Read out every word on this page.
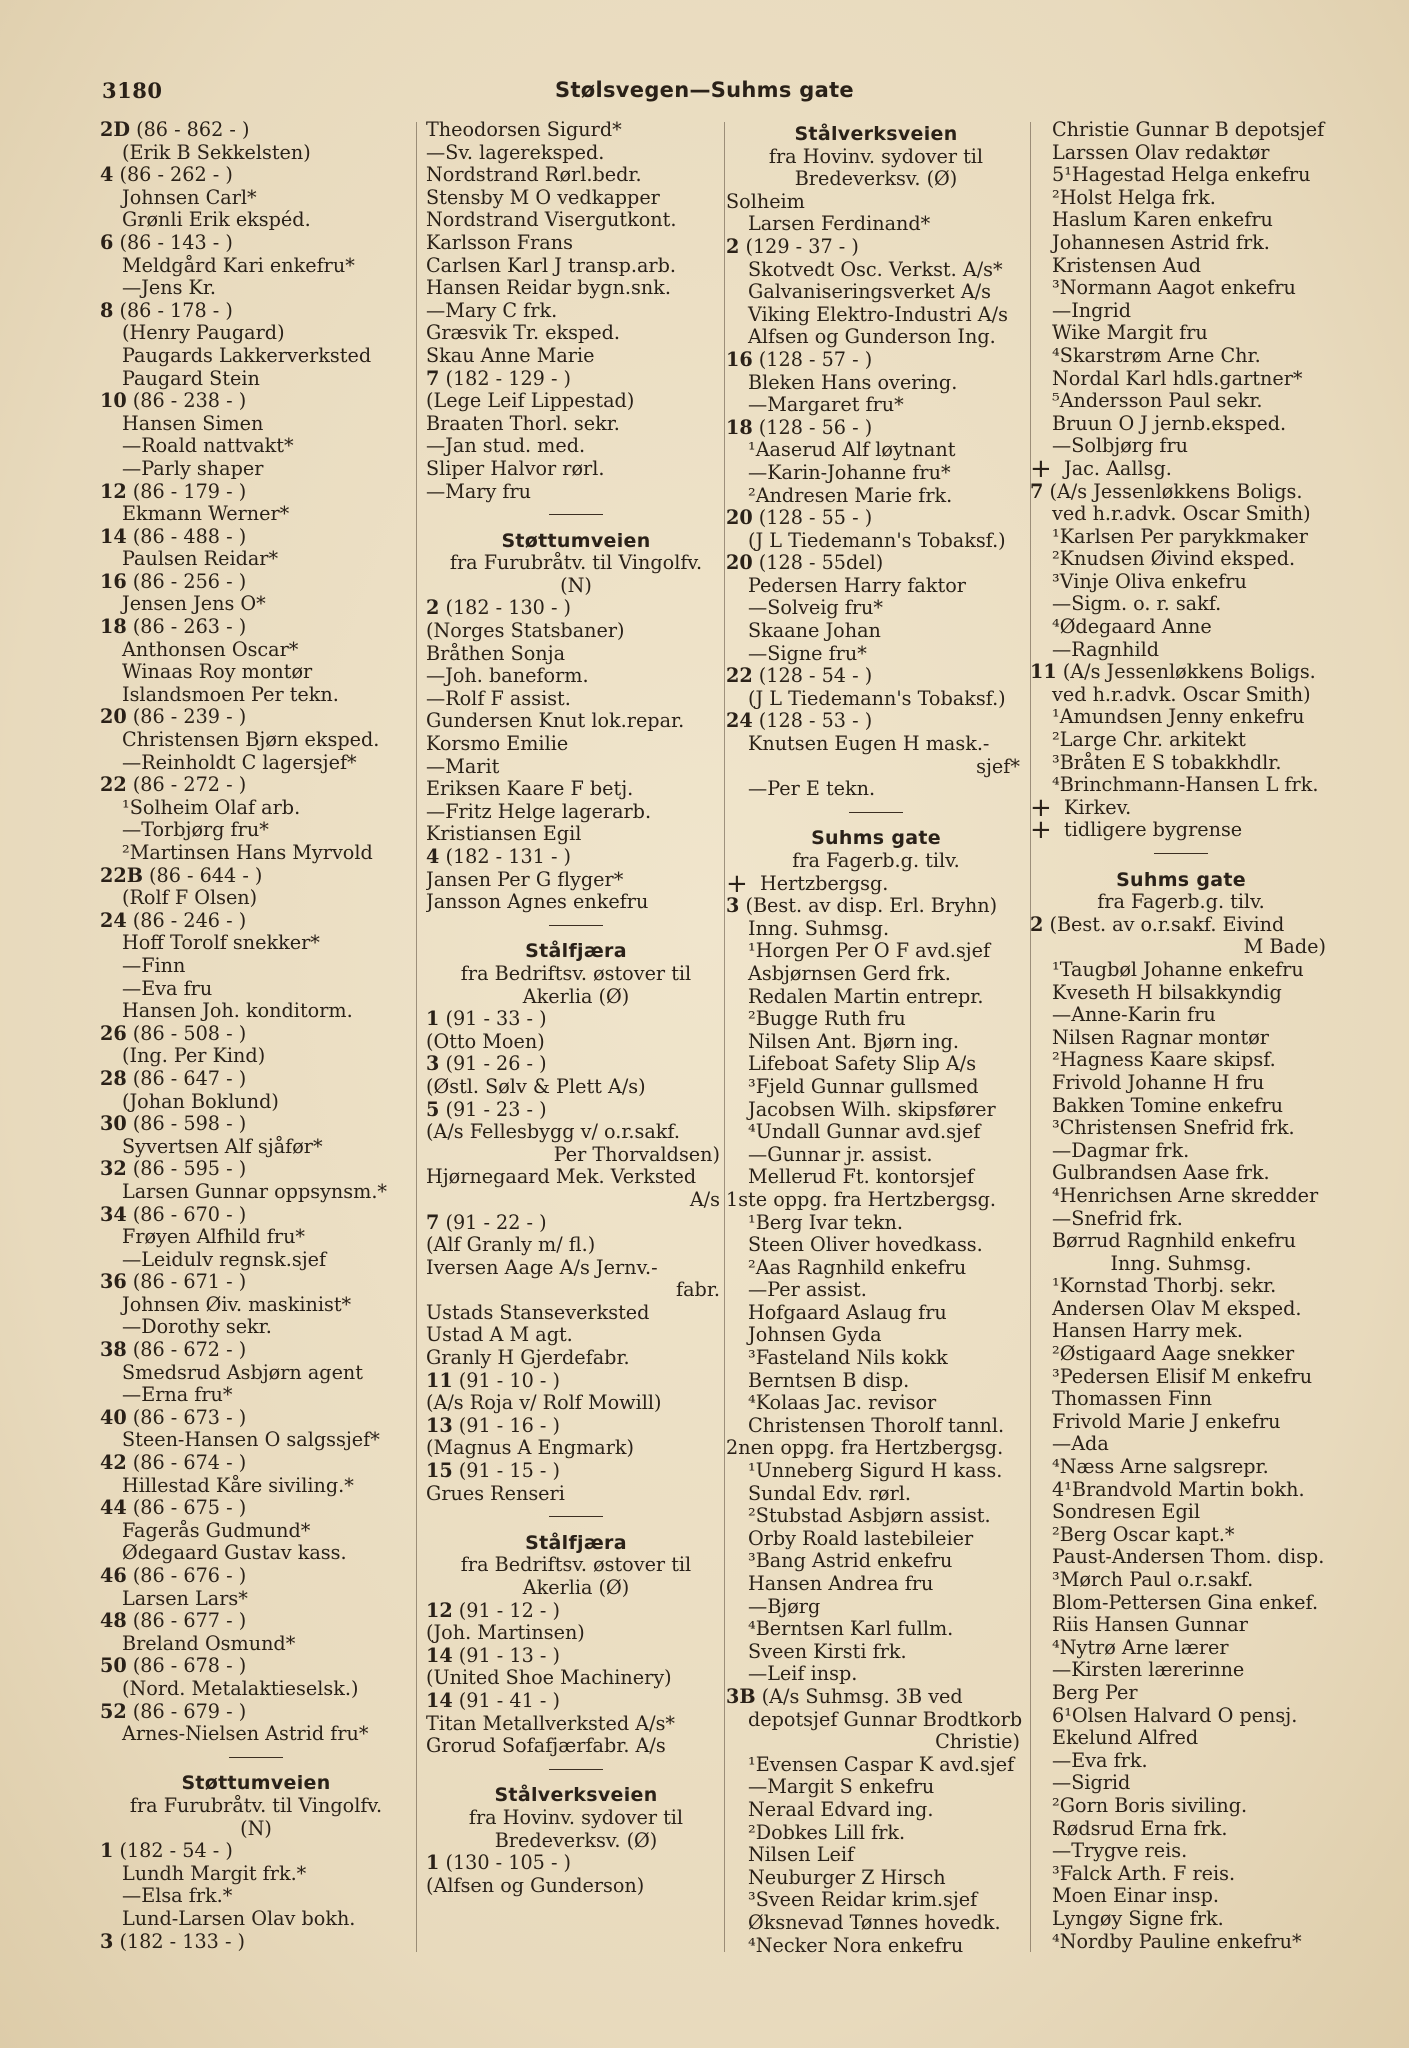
3180	Stølsvegen—Suhms gate
2D (86 - 862 - )
(Erik B Sekkelsten)
4 (86 - 262 - )
Johnsen Carl*
Grønli Erik ekspéd.
6 (86 - 143 - )
Meldgård Kari enkefru*
—Jens Kr.
8 (86 - 178 - )
(Henry Paugard)
Paugards Lakkerverksted
Paugard Stein
10 (86 - 238 - )
Hansen Simen
—Roald nattvakt*
—Parly shaper
12 (86 - 179 - )
Ekmann Werner*
14 (86 - 488 - )
Paulsen Reidar*
16 (86 - 256 - )
Jensen Jens O*
18 (86 - 263 - )
Anthonsen Oscar*
Winaas Roy montør
Islandsmoen Per tekn.
20 (86 - 239 - )
Christensen Bjørn eksped.
—Reinholdt C lagersjef*
22 (86 - 272 - )
¹Solheim Olaf arb.
—Torbjørg fru*
²Martinsen Hans Myrvold
22B (86 - 644 - )
(Rolf F Olsen)
24 (86 - 246 - )
Hoff Torolf snekker*
—Finn
—Eva fru
Hansen Joh. konditorm.
26 (86 - 508 - )
(Ing. Per Kind)
28 (86 - 647 - )
(Johan Boklund)
30 (86 - 598 - )
Syvertsen Alf sjåfør*
32 (86 - 595 - )
Larsen Gunnar oppsynsm.*
34 (86 - 670 - )
Frøyen Alfhild fru*
—Leidulv regnsk.sjef
36 (86 - 671 - )
Johnsen Øiv. maskinist*
—Dorothy sekr.
38 (86 - 672 - )
Smedsrud Asbjørn agent
—Erna fru*
40 (86 - 673 - )
Steen-Hansen O salgssjef*
42 (86 - 674 - )
Hillestad Kåre siviling.*
44 (86 - 675 - )
Fagerås Gudmund*
Ødegaard Gustav kass.
46 (86 - 676 - )
Larsen Lars*
48 (86 - 677 - )
Breland Osmund*
50 (86 - 678 - )
(Nord. Metalaktieselsk.)
52 (86 - 679 - )
Arnes-Nielsen Astrid fru*
Støttumveien
fra Furubråtv. til Vingolfv.
(N)
1 (182 - 54 - )
Lundh Margit frk.*
—Elsa frk.*
Lund-Larsen Olav bokh.
3 (182 - 133 - )
Theodorsen Sigurd*
—Sv. lagereksped.
Nordstrand Rørl.bedr.
Stensby M O vedkapper
Nordstrand Visergutkont.
Karlsson Frans
Carlsen Karl J transp.arb.
Hansen Reidar bygn.snk.
—Mary C frk.
Græsvik Tr. eksped.
Skau Anne Marie
7 (182 - 129 - )
(Lege Leif Lippestad)
Braaten Thorl. sekr.
—Jan stud. med.
Sliper Halvor rørl.
—Mary fru
Støttumveien
fra Furubråtv. til Vingolfv.
(N)
2 (182 - 130 - )
(Norges Statsbaner)
Bråthen Sonja
—Joh. baneform.
—Rolf F assist.
Gundersen Knut lok.repar.
Korsmo Emilie
—Marit
Eriksen Kaare F betj.
—Fritz Helge lagerarb.
Kristiansen Egil
4 (182 - 131 - )
Jansen Per G flyger*
Jansson Agnes enkefru
Stålfjæra
fra Bedriftsv. østover til
Akerlia (Ø)
1 (91 - 33 - )
(Otto Moen)
3 (91 - 26 - )
(Østl. Sølv & Plett A/s)
5 (91 - 23 - )
(A/s Fellesbygg v/ o.r.sakf.
Per Thorvaldsen)
Hjørnegaard Mek. Verksted
A/s
7 (91 - 22 - )
(Alf Granly m/ fl.)
Iversen Aage A/s Jernv.-
fabr.
Ustads Stanseverksted
Ustad A M agt.
Granly H Gjerdefabr.
11 (91 - 10 - )
(A/s Roja v/ Rolf Mowill)
13 (91 - 16 - )
(Magnus A Engmark)
15 (91 - 15 - )
Grues Renseri
Stålfjæra
fra Bedriftsv. østover til
Akerlia (Ø)
12 (91 - 12 - )
(Joh. Martinsen)
14 (91 - 13 - )
(United Shoe Machinery)
14 (91 - 41 - )
Titan Metallverksted A/s*
Grorud Sofafjærfabr. A/s
Stålverksveien
fra Hovinv. sydover til
Bredeverksv. (Ø)
1 (130 - 105 - )
(Alfsen og Gunderson)
Stålverksveien
fra Hovinv. sydover til
Bredeverksv. (Ø)
Solheim
Larsen Ferdinand*
2 (129 - 37 - )
Skotvedt Osc. Verkst. A/s*
Galvaniseringsverket A/s
Viking Elektro-Industri A/s
Alfsen og Gunderson Ing.
16 (128 - 57 - )
Bleken Hans overing.
—Margaret fru*
18 (128 - 56 - )
¹Aaserud Alf løytnant
—Karin-Johanne fru*
²Andresen Marie frk.
20 (128 - 55 - )
(J L Tiedemann's Tobaksf.)
20 (128 - 55del)
Pedersen Harry faktor
—Solveig fru*
Skaane Johan
—Signe fru*
22 (128 - 54 - )
(J L Tiedemann's Tobaksf.)
24 (128 - 53 - )
Knutsen Eugen H mask.-
sjef*
—Per E tekn.
Suhms gate
fra Fagerb.g. tilv.
+ Hertzbergsg.
3 (Best. av disp. Erl. Bryhn)
Inng. Suhmsg.
¹Horgen Per O F avd.sjef
Asbjørnsen Gerd frk.
Redalen Martin entrepr.
²Bugge Ruth fru
Nilsen Ant. Bjørn ing.
Lifeboat Safety Slip A/s
³Fjeld Gunnar gullsmed
Jacobsen Wilh. skipsfører
⁴Undall Gunnar avd.sjef
—Gunnar jr. assist.
Mellerud Ft. kontorsjef
1ste oppg. fra Hertzbergsg.
¹Berg Ivar tekn.
Steen Oliver hovedkass.
²Aas Ragnhild enkefru
—Per assist.
Hofgaard Aslaug fru
Johnsen Gyda
³Fasteland Nils kokk
Berntsen B disp.
⁴Kolaas Jac. revisor
Christensen Thorolf tannl.
2nen oppg. fra Hertzbergsg.
¹Unneberg Sigurd H kass.
Sundal Edv. rørl.
²Stubstad Asbjørn assist.
Orby Roald lastebileier
³Bang Astrid enkefru
Hansen Andrea fru
—Bjørg
⁴Berntsen Karl fullm.
Sveen Kirsti frk.
—Leif insp.
3B (A/s Suhmsg. 3B ved
depotsjef Gunnar Brodtkorb
Christie)
¹Evensen Caspar K avd.sjef
—Margit S enkefru
Neraal Edvard ing.
²Dobkes Lill frk.
Nilsen Leif
Neuburger Z Hirsch
³Sveen Reidar krim.sjef
Øksnevad Tønnes hovedk.
⁴Necker Nora enkefru
Christie Gunnar B depotsjef
Larssen Olav redaktør
5¹Hagestad Helga enkefru
²Holst Helga frk.
Haslum Karen enkefru
Johannesen Astrid frk.
Kristensen Aud
³Normann Aagot enkefru
—Ingrid
Wike Margit fru
⁴Skarstrøm Arne Chr.
Nordal Karl hdls.gartner*
⁵Andersson Paul sekr.
Bruun O J jernb.eksped.
—Solbjørg fru
+ Jac. Aallsg.
7 (A/s Jessenløkkens Boligs.
ved h.r.advk. Oscar Smith)
¹Karlsen Per parykkmaker
²Knudsen Øivind eksped.
³Vinje Oliva enkefru
—Sigm. o. r. sakf.
⁴Ødegaard Anne
—Ragnhild
11 (A/s Jessenløkkens Boligs.
ved h.r.advk. Oscar Smith)
¹Amundsen Jenny enkefru
²Large Chr. arkitekt
³Bråten E S tobakkhdlr.
⁴Brinchmann-Hansen L frk.
+ Kirkev.
+ tidligere bygrense
Suhms gate
fra Fagerb.g. tilv.
2 (Best. av o.r.sakf. Eivind
M Bade)
¹Taugbøl Johanne enkefru
Kveseth H bilsakkyndig
—Anne-Karin fru
Nilsen Ragnar montør
²Hagness Kaare skipsf.
Frivold Johanne H fru
Bakken Tomine enkefru
³Christensen Snefrid frk.
—Dagmar frk.
Gulbrandsen Aase frk.
⁴Henrichsen Arne skredder
—Snefrid frk.
Børrud Ragnhild enkefru
Inng. Suhmsg.
¹Kornstad Thorbj. sekr.
Andersen Olav M eksped.
Hansen Harry mek.
²Østigaard Aage snekker
³Pedersen Elisif M enkefru
Thomassen Finn
Frivold Marie J enkefru
—Ada
⁴Næss Arne salgsrepr.
4¹Brandvold Martin bokh.
Sondresen Egil
²Berg Oscar kapt.*
Paust-Andersen Thom. disp.
³Mørch Paul o.r.sakf.
Blom-Pettersen Gina enkef.
Riis Hansen Gunnar
⁴Nytrø Arne lærer
—Kirsten lærerinne
Berg Per
6¹Olsen Halvard O pensj.
Ekelund Alfred
—Eva frk.
—Sigrid
²Gorn Boris siviling.
Rødsrud Erna frk.
—Trygve reis.
³Falck Arth. F reis.
Moen Einar insp.
Lyngøy Signe frk.
⁴Nordby Pauline enkefru*
